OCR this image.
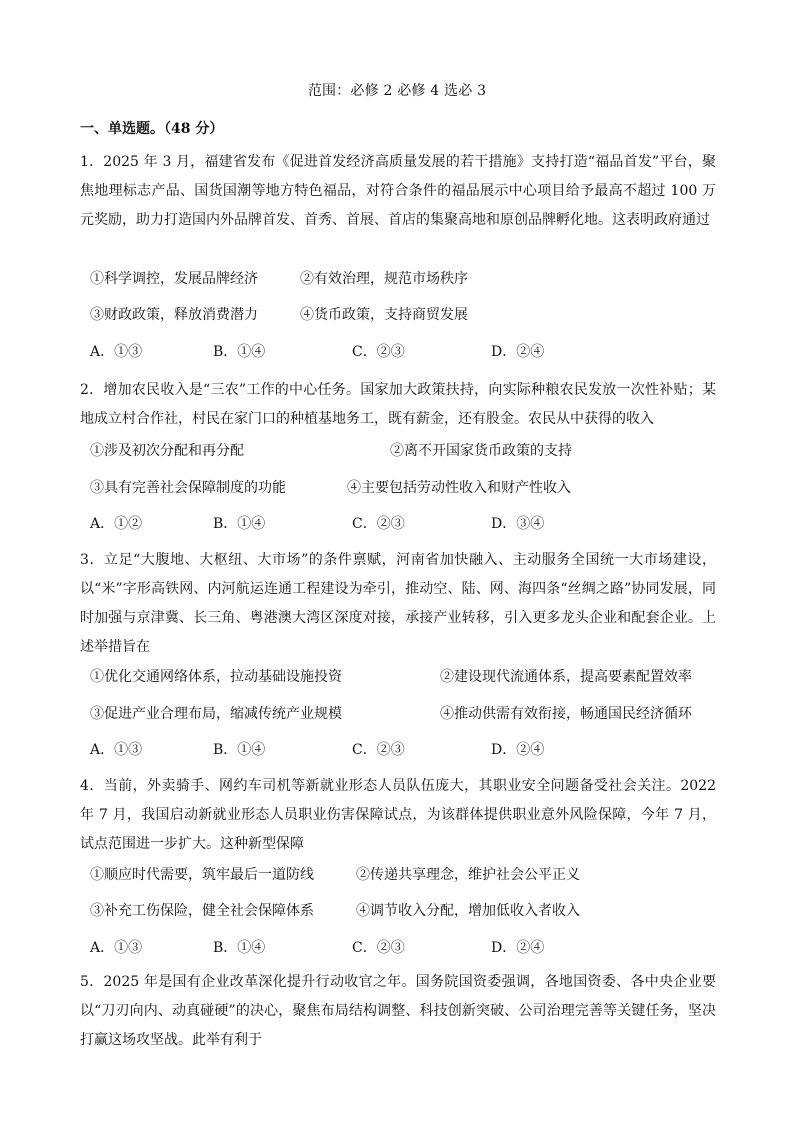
范围：必修 2 必修 4 选必 3
一、单选题。（48 分）
1．2025 年 3 月，福建省发布《促进首发经济高质量发展的若干措施》支持打造“福品首发”平台，聚焦地理标志产品、国货国潮等地方特色福品，对符合条件的福品展示中心项目给予最高不超过 100 万元奖励，助力打造国内外品牌首发、首秀、首展、首店的集聚高地和原创品牌孵化地。这表明政府通过
①科学调控，发展品牌经济	②有效治理，规范市场秩序
③财政政策，释放消费潜力	④货币政策，支持商贸发展
A．①③	B．①④	C．②③	D．②④
2．增加农民收入是“三农”工作的中心任务。国家加大政策扶持，向实际种粮农民发放一次性补贴；某地成立村合作社，村民在家门口的种植基地务工，既有薪金，还有股金。农民从中获得的收入
①涉及初次分配和再分配	②离不开国家货币政策的支持
③具有完善社会保障制度的功能	④主要包括劳动性收入和财产性收入
A．①②	B．①④	C．②③	D．③④
3．立足“大腹地、大枢纽、大市场”的条件禀赋，河南省加快融入、主动服务全国统一大市场建设，以“米”字形高铁网、内河航运连通工程建设为牵引，推动空、陆、网、海四条“丝绸之路”协同发展，同时加强与京津冀、长三角、粤港澳大湾区深度对接，承接产业转移，引入更多龙头企业和配套企业。上述举措旨在
①优化交通网络体系，拉动基础设施投资	②建设现代流通体系，提高要素配置效率
③促进产业合理布局，缩减传统产业规模	④推动供需有效衔接，畅通国民经济循环
A．①③	B．①④	C．②③	D．②④
4．当前，外卖骑手、网约车司机等新就业形态人员队伍庞大，其职业安全问题备受社会关注。2022 年 7 月，我国启动新就业形态人员职业伤害保障试点，为该群体提供职业意外风险保障，今年 7 月，试点范围进一步扩大。这种新型保障
①顺应时代需要，筑牢最后一道防线	②传递共享理念，维护社会公平正义
③补充工伤保险，健全社会保障体系	④调节收入分配，增加低收入者收入
A．①③	B．①④	C．②③	D．②④
5．2025 年是国有企业改革深化提升行动收官之年。国务院国资委强调，各地国资委、各中央企业要以“刀刃向内、动真碰硬”的决心，聚焦布局结构调整、科技创新突破、公司治理完善等关键任务，坚决打赢这场攻坚战。此举有利于
